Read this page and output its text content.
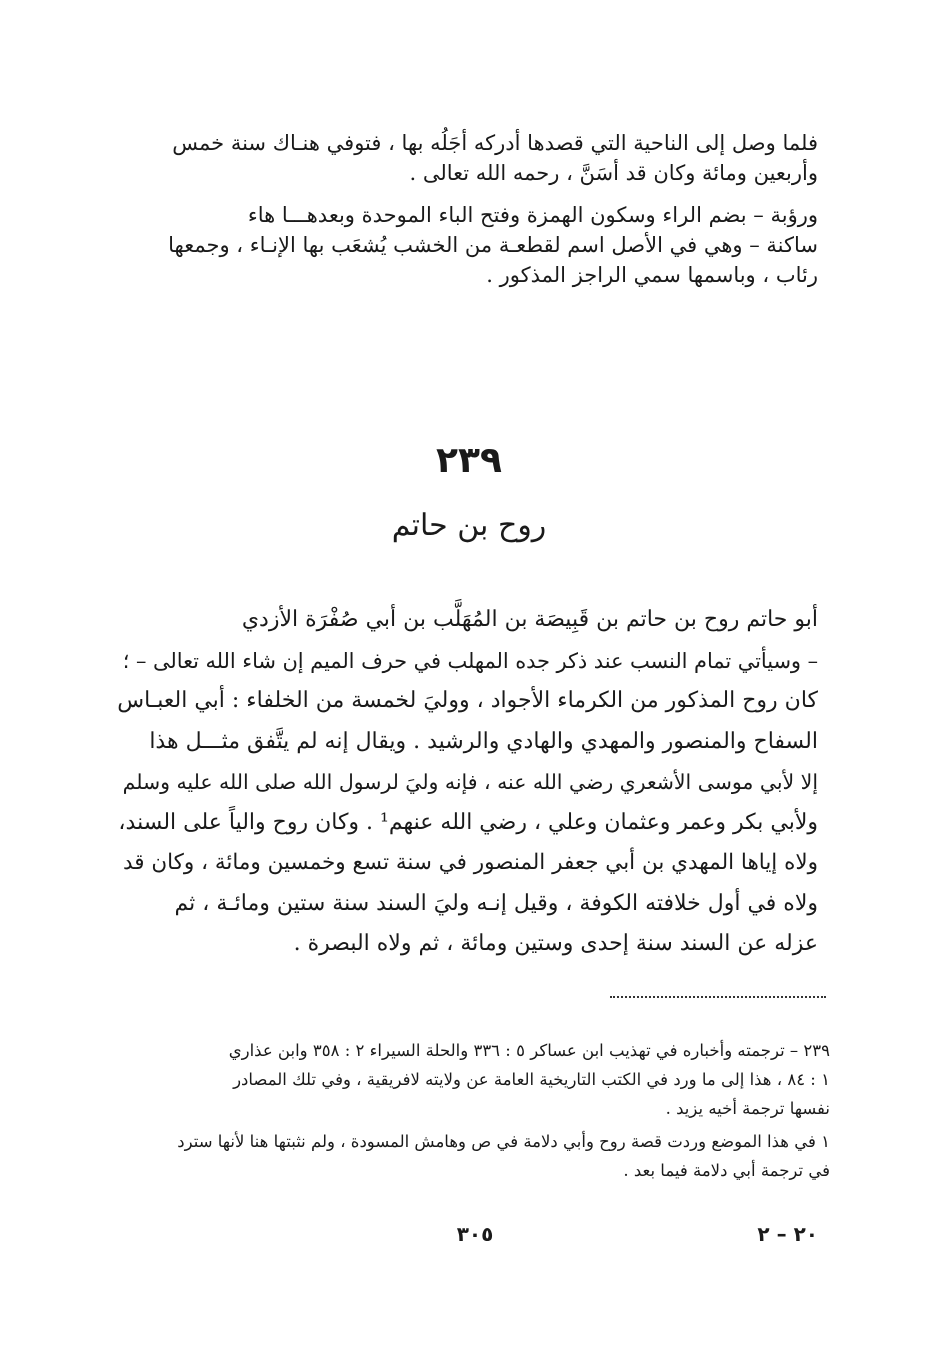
فلما وصل إلى الناحية التي قصدها أدركه أجَلُه بها ، فتوفي هنـاك سنة خمس
وأربعين ومائة وكان قد أسَنَّ ، رحمه الله تعالى .
ورؤبة – بضم الراء وسكون الهمزة وفتح الباء الموحدة وبعدهـــا هاء
ساكنة – وهي في الأصل اسم لقطعـة من الخشب يُشعَب بها الإنـاء ، وجمعها
رئاب ، وباسمها سمي الراجز المذكور .
٢٣٩
روح بن حاتم
أبو حاتم روح بن حاتم بن قَبِيصَة بن المُهَلَّب بن أبي صُفْرَة الأزدي
– وسيأتي تمام النسب عند ذكر جده المهلب في حرف الميم إن شاء الله تعالى – ؛
كان روح المذكور من الكرماء الأجواد ، ووليَ لخمسة من الخلفاء : أبي العبـاس
السفاح والمنصور والمهدي والهادي والرشيد . ويقال إنه لم يتَّفق مثـــل هذا
إلا لأبي موسى الأشعري رضي الله عنه ، فإنه وليَ لرسول الله صلى الله عليه وسلم
ولأبي بكر وعمر وعثمان وعلي ، رضي الله عنهم¹ . وكان روح والياً على السند،
ولاه إياها المهدي بن أبي جعفر المنصور في سنة تسع وخمسين ومائة ، وكان قد
ولاه في أول خلافته الكوفة ، وقيل إنـه وليَ السند سنة ستين ومائـة ، ثم
عزله عن السند سنة إحدى وستين ومائة ، ثم ولاه البصرة .
٢٣٩ – ترجمته وأخباره في تهذيب ابن عساكر ٥ : ٣٣٦ والحلة السيراء ٢ : ٣٥٨ وابن عذاري
١ : ٨٤ ، هذا إلى ما ورد في الكتب التاريخية العامة عن ولايته لافريقية ، وفي تلك المصادر
نفسها ترجمة أخيه يزيد .
١ في هذا الموضع وردت قصة روح وأبي دلامة في ص وهامش المسودة ، ولم نثبتها هنا لأنها سترد
في ترجمة أبي دلامة فيما بعد .
٣٠٥	٢٠ – ٢
